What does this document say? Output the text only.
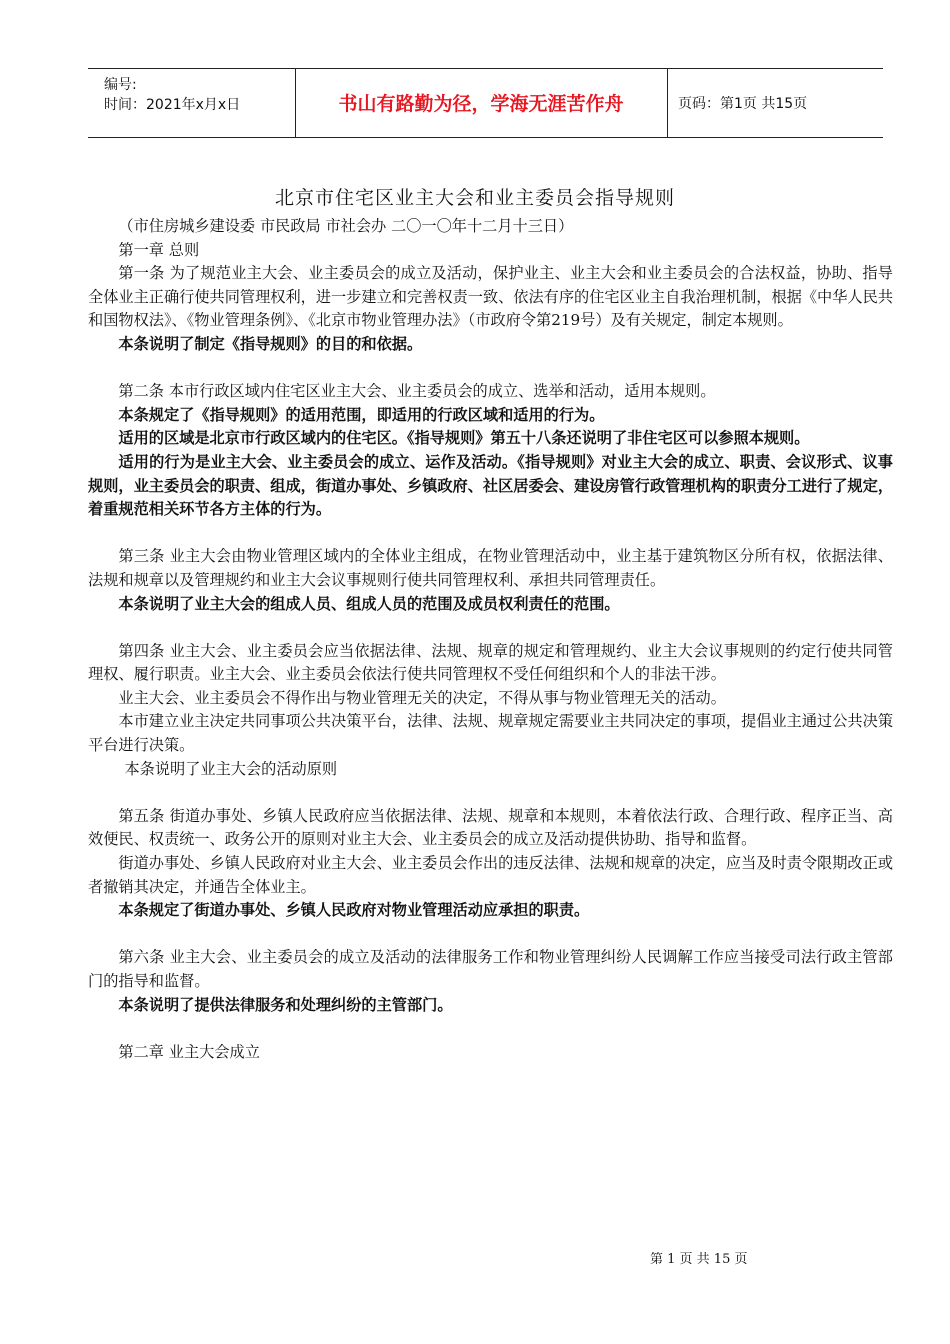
编号:
时间：2021年x月x日	书山有路勤为径，学海无涯苦作舟	页码：第1页 共15页
北京市住宅区业主大会和业主委员会指导规则

（市住房城乡建设委 市民政局 市社会办 二〇一〇年十二月十三日）

第一章 总则

第一条 为了规范业主大会、业主委员会的成立及活动，保护业主、业主大会和业主委员会的合法权益，协助、指导全体业主正确行使共同管理权利，进一步建立和完善权责一致、依法有序的住宅区业主自我治理机制，根据《中华人民共和国物权法》、《物业管理条例》、《北京市物业管理办法》（市政府令第219号）及有关规定，制定本规则。

本条说明了制定《指导规则》的目的和依据。

第二条 本市行政区域内住宅区业主大会、业主委员会的成立、选举和活动，适用本规则。

本条规定了《指导规则》的适用范围，即适用的行政区域和适用的行为。

适用的区域是北京市行政区域内的住宅区。《指导规则》第五十八条还说明了非住宅区可以参照本规则。

适用的行为是业主大会、业主委员会的成立、运作及活动。《指导规则》对业主大会的成立、职责、会议形式、议事规则，业主委员会的职责、组成，街道办事处、乡镇政府、社区居委会、建设房管行政管理机构的职责分工进行了规定，着重规范相关环节各方主体的行为。

第三条 业主大会由物业管理区域内的全体业主组成，在物业管理活动中，业主基于建筑物区分所有权，依据法律、法规和规章以及管理规约和业主大会议事规则行使共同管理权利、承担共同管理责任。

本条说明了业主大会的组成人员、组成人员的范围及成员权利责任的范围。

第四条 业主大会、业主委员会应当依据法律、法规、规章的规定和管理规约、业主大会议事规则的约定行使共同管理权、履行职责。业主大会、业主委员会依法行使共同管理权不受任何组织和个人的非法干涉。

业主大会、业主委员会不得作出与物业管理无关的决定，不得从事与物业管理无关的活动。

本市建立业主决定共同事项公共决策平台，法律、法规、规章规定需要业主共同决定的事项，提倡业主通过公共决策平台进行决策。

本条说明了业主大会的活动原则

第五条 街道办事处、乡镇人民政府应当依据法律、法规、规章和本规则，本着依法行政、合理行政、程序正当、高效便民、权责统一、政务公开的原则对业主大会、业主委员会的成立及活动提供协助、指导和监督。

街道办事处、乡镇人民政府对业主大会、业主委员会作出的违反法律、法规和规章的决定，应当及时责令限期改正或者撤销其决定，并通告全体业主。

本条规定了街道办事处、乡镇人民政府对物业管理活动应承担的职责。

第六条 业主大会、业主委员会的成立及活动的法律服务工作和物业管理纠纷人民调解工作应当接受司法行政主管部门的指导和监督。

本条说明了提供法律服务和处理纠纷的主管部门。

第二章 业主大会成立

第 1 页 共 15 页
